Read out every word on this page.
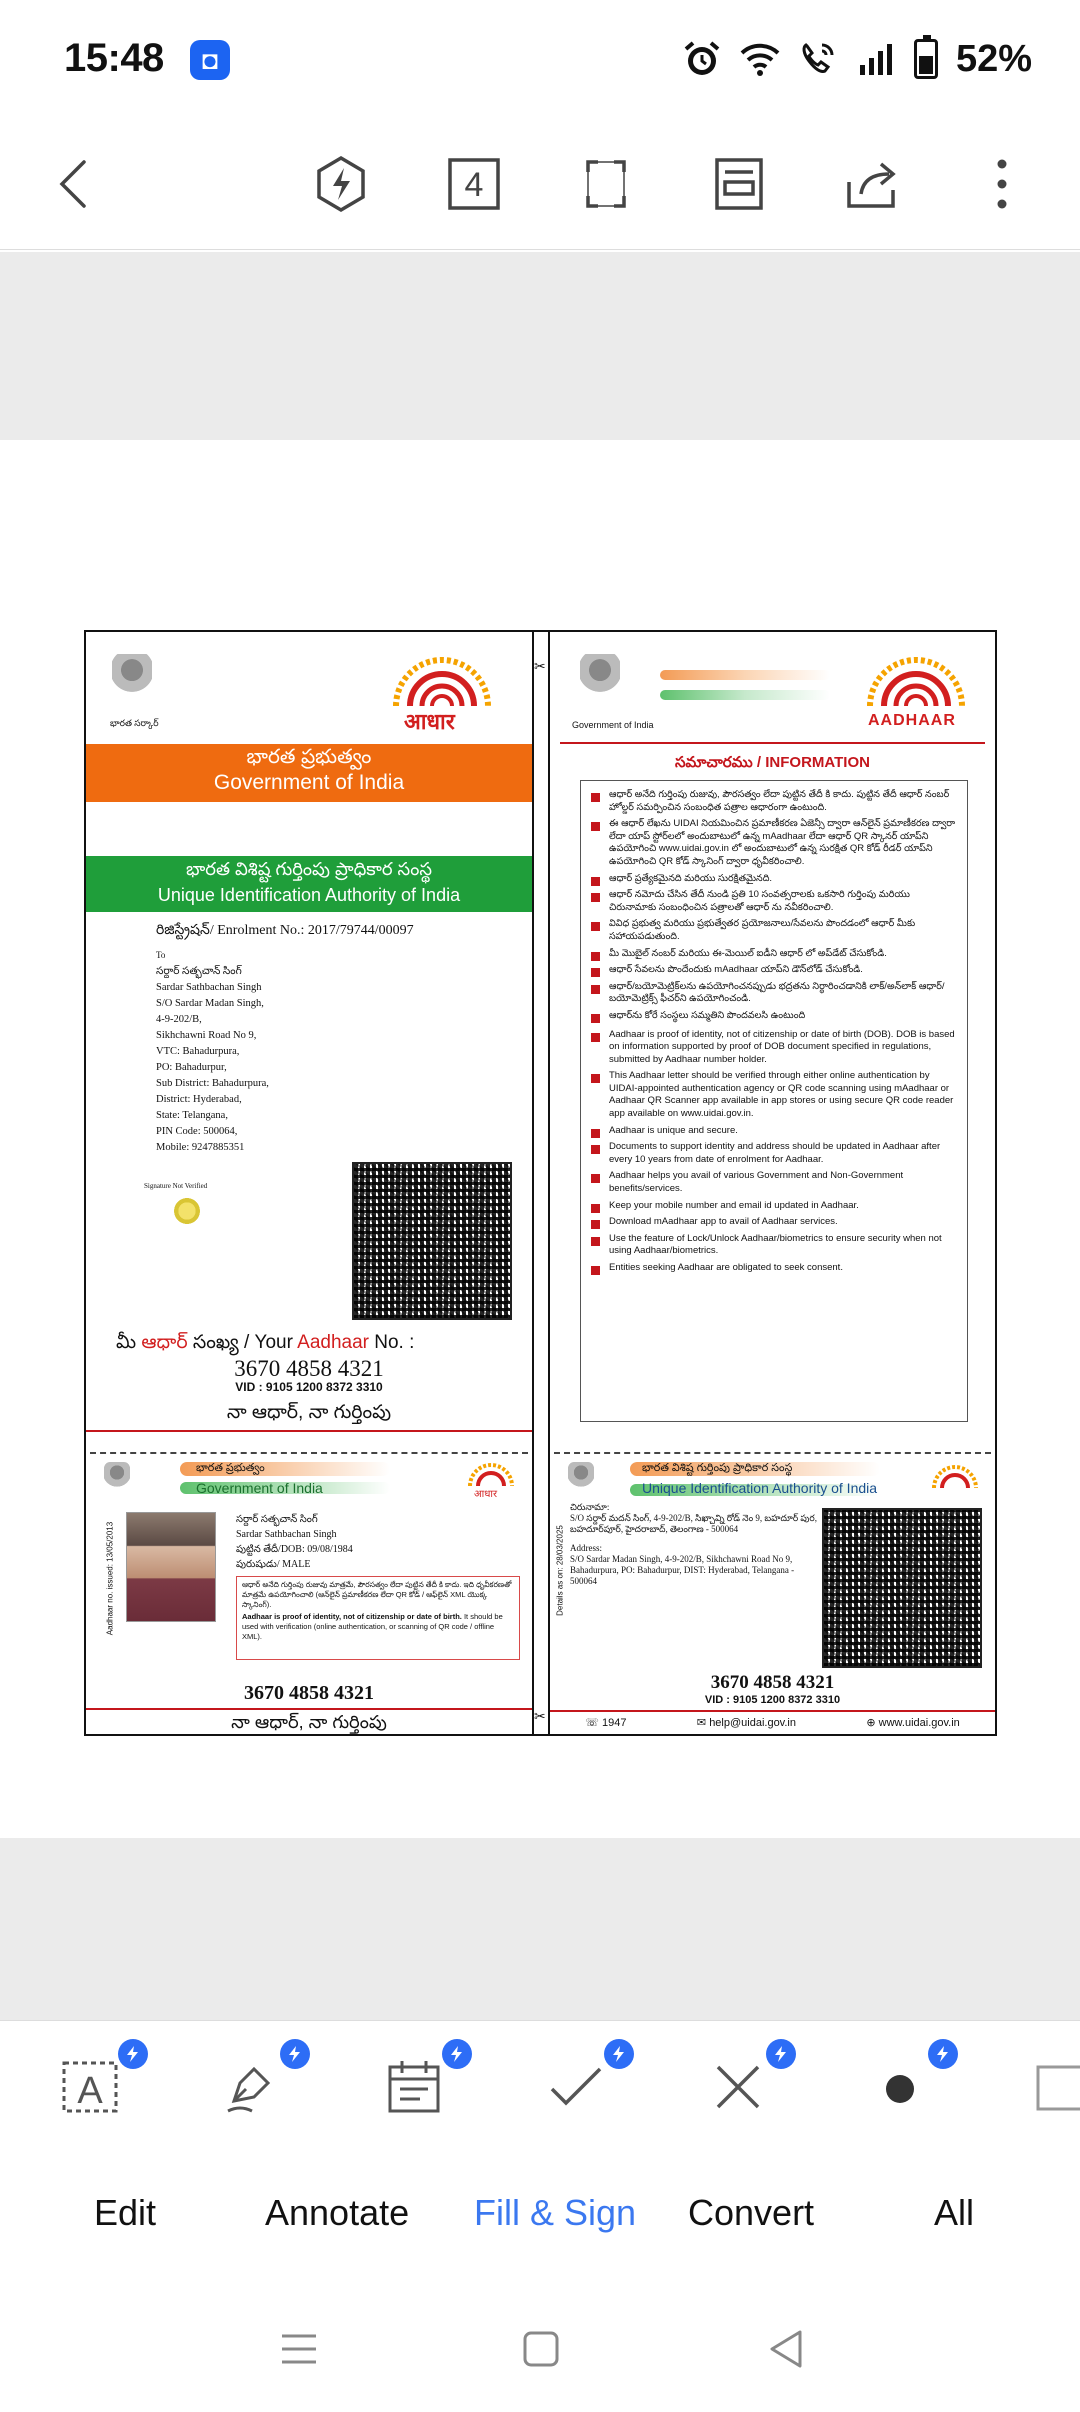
15:48	◘	52%
4
భారత సర్కార్	आधार
భారత ప్రభుత్వం
Government of India
భారత విశిష్ట గుర్తింపు ప్రాధికార సంస్థ
Unique Identification Authority of India
రిజిస్ట్రేషన్/ Enrolment No.: 2017/79744/00097
To
సర్దార్ సత్భచాన్ సింగ్
Sardar Sathbachan Singh
S/O Sardar Madan Singh,
4-9-202/B,
Sikhchawni Road No 9,
VTC: Bahadurpura,
PO: Bahadurpur,
Sub District: Bahadurpura,
District: Hyderabad,
State: Telangana,
PIN Code: 500064,
Mobile: 9247885351
Signature Not Verified
మీ ఆధార్ సంఖ్య / Your Aadhaar No. :
3670 4858 4321
VID : 9105 1200 8372 3310
నా ఆధార్, నా గుర్తింపు
భారత ప్రభుత్వం
Government of India	आधार
Aadhaar no. issued: 13/05/2013
సర్దార్ సత్భచాన్ సింగ్
Sardar Sathbachan Singh
పుట్టిన తేదీ/DOB: 09/08/1984
పురుషుడు/ MALE
ఆధార్ అనేది గుర్తింపు రుజువు మాత్రమే, పౌరసత్వం లేదా పుట్టిన తేదీ కి కాదు. ఇది ధృవీకరణతో మాత్రమే ఉపయోగించాలి (ఆన్‌లైన్ ప్రమాణీకరణ లేదా QR కోడ్ / ఆఫ్‌లైన్ XML యొక్క స్కానింగ్).
Aadhaar is proof of identity, not of citizenship or date of birth. It should be used with verification (online authentication, or scanning of QR code / offline XML).
3670 4858 4321
నా ఆధార్, నా గుర్తింపు
Government of India	AADHAAR
సమాచారము / INFORMATION
ఆధార్ అనేది గుర్తింపు రుజువు, పౌరసత్వం లేదా పుట్టిన తేదీ కి కాదు. పుట్టిన తేదీ ఆధార్ నంబర్ హోల్డర్ సమర్పించిన సంబంధిత పత్రాల ఆధారంగా ఉంటుంది.
ఈ ఆధార్ లేఖను UIDAI నియమించిన ప్రమాణీకరణ ఏజెన్సీ ద్వారా ఆన్‌లైన్ ప్రమాణీకరణ ద్వారా లేదా యాప్ స్టోర్‌లలో అందుబాటులో ఉన్న mAadhaar లేదా ఆధార్ QR స్కానర్ యాప్‌ని ఉపయోగించి www.uidai.gov.in లో అందుబాటులో ఉన్న సురక్షిత QR కోడ్ రీడర్ యాప్‌ని ఉపయోగించి QR కోడ్ స్కానింగ్ ద్వారా ధృవీకరించాలి.
ఆధార్ ప్రత్యేకమైనది మరియు సురక్షితమైనది.
ఆధార్ నమోదు చేసిన తేదీ నుండి ప్రతి 10 సంవత్సరాలకు ఒకసారి గుర్తింపు మరియు చిరునామాకు సంబంధించిన పత్రాలతో ఆధార్ ను నవీకరించాలి.
వివిధ ప్రభుత్వ మరియు ప్రభుత్వేతర ప్రయోజనాలు/సేవలను పొందడంలో ఆధార్ మీకు సహాయపడుతుంది.
మీ మొబైల్ నంబర్ మరియు ఈ-మెయిల్ ఐడీని ఆధార్ లో అప్‌డేట్ చేసుకోండి.
ఆధార్ సేవలను పొందేందుకు mAadhaar యాప్‌ని డౌన్‌లోడ్ చేసుకోండి.
ఆధార్/బయోమెట్రిక్‌లను ఉపయోగించనప్పుడు భద్రతను నిర్ధారించడానికి లాక్/అన్‌లాక్ ఆధార్/బయోమెట్రిక్స్ ఫీచర్‌ని ఉపయోగించండి.
ఆధార్‌ను కోరే సంస్థలు సమ్మతిని పొందవలసి ఉంటుంది
Aadhaar is proof of identity, not of citizenship or date of birth (DOB). DOB is based on information supported by proof of DOB document specified in regulations, submitted by Aadhaar number holder.
This Aadhaar letter should be verified through either online authentication by UIDAI-appointed authentication agency or QR code scanning using mAadhaar or Aadhaar QR Scanner app available in app stores or using secure QR code reader app available on www.uidai.gov.in.
Aadhaar is unique and secure.
Documents to support identity and address should be updated in Aadhaar after every 10 years from date of enrolment for Aadhaar.
Aadhaar helps you avail of various Government and Non-Government benefits/services.
Keep your mobile number and email id updated in Aadhaar.
Download mAadhaar app to avail of Aadhaar services.
Use the feature of Lock/Unlock Aadhaar/biometrics to ensure security when not using Aadhaar/biometrics.
Entities seeking Aadhaar are obligated to seek consent.
భారత విశిష్ట గుర్తింపు ప్రాధికార సంస్థ
Unique Identification Authority of India
Details as on: 28/03/2025
చిరునామా:
S/O సర్దార్ మదన్ సింగ్, 4-9-202/B, సిఖ్చావ్ని రోడ్ నెం 9, బహదూర్ పుర, బహదూర్‌పూర్, హైదరాబాద్, తెలంగాణ - 500064
Address:
S/O Sardar Madan Singh, 4-9-202/B, Sikhchawni Road No 9, Bahadurpura, PO: Bahadurpur, DIST: Hyderabad, Telangana - 500064
3670 4858 4321
VID : 9105 1200 8372 3310
☏ 1947	✉ help@uidai.gov.in	⊕ www.uidai.gov.in
✂
✂
A
Edit	Annotate Fill & Sign Convert	All
